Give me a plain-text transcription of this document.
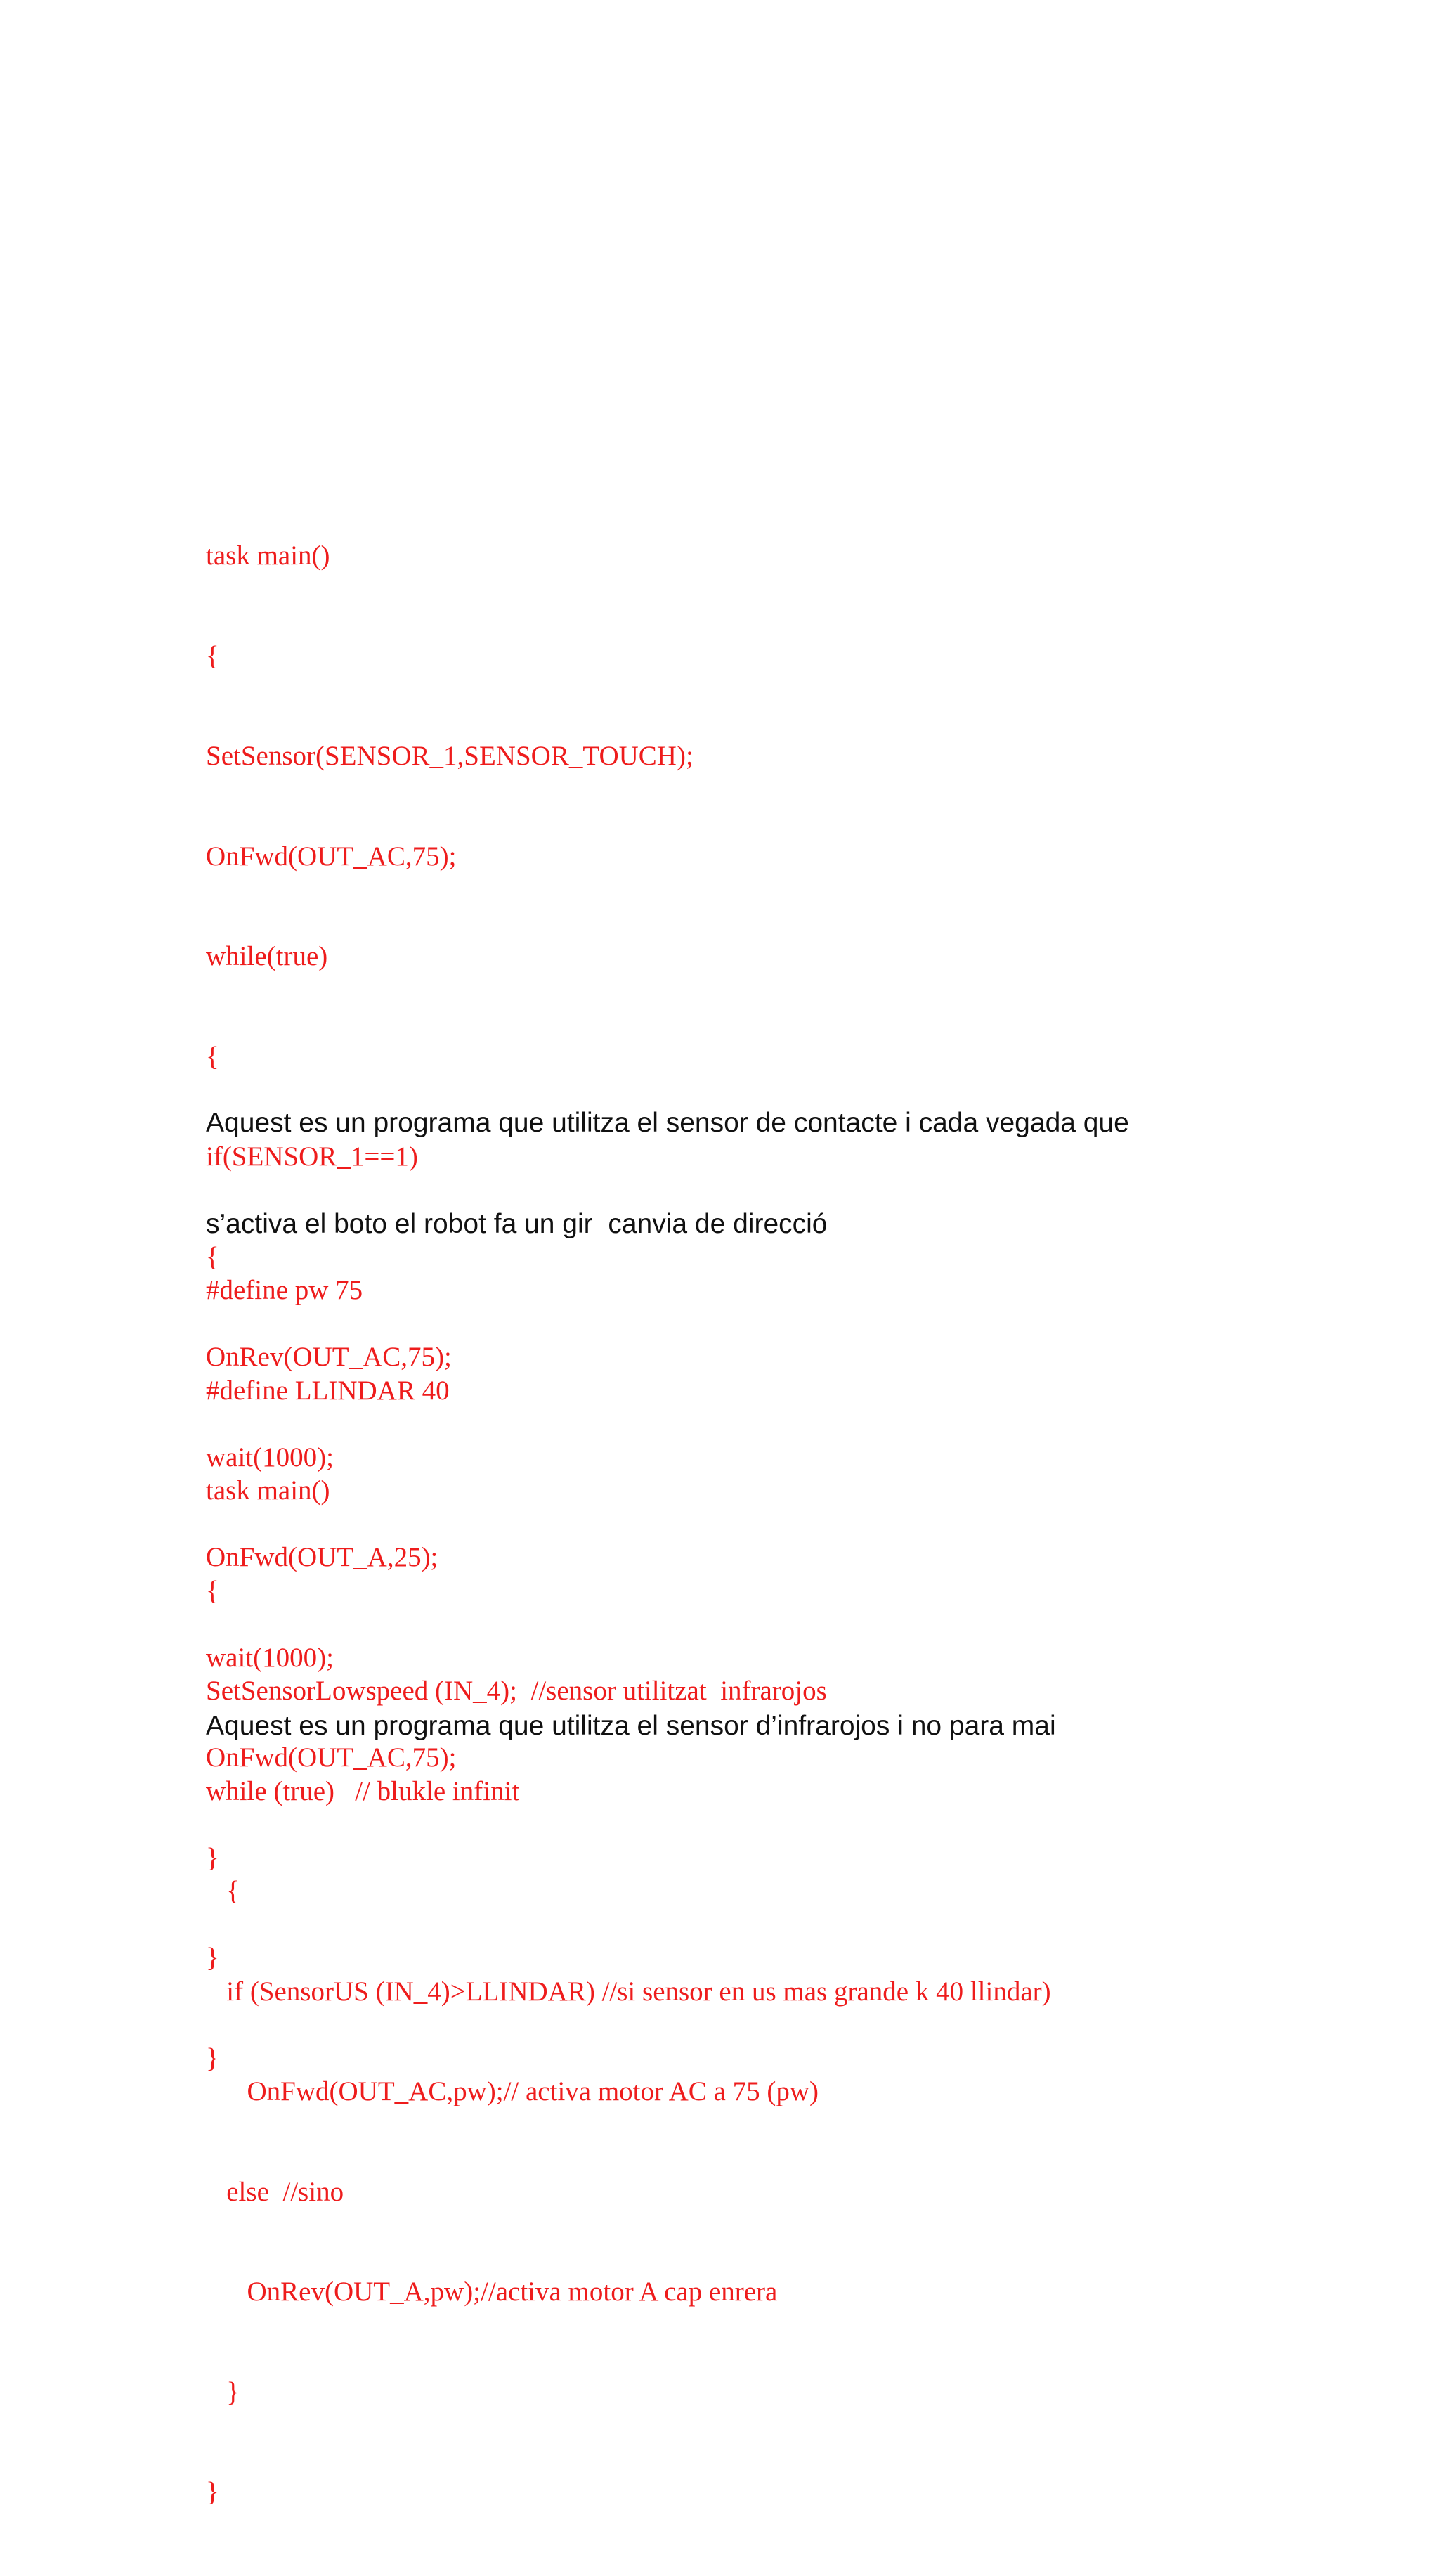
task main()

{

SetSensor(SENSOR_1,SENSOR_TOUCH);

OnFwd(OUT_AC,75);

while(true)

{

if(SENSOR_1==1)

{

OnRev(OUT_AC,75);

wait(1000);

OnFwd(OUT_A,25);

wait(1000);

OnFwd(OUT_AC,75);

}

}

}

Aquest es un programa que utilitza el sensor de contacte i cada vegada que

s’activa el boto el robot fa un gir  canvia de direcció

#define pw 75

#define LLINDAR 40

task main()

{

SetSensorLowspeed (IN_4);  //sensor utilitzat  infrarojos

while (true)   // blukle infinit

{

if (SensorUS (IN_4)>LLINDAR) //si sensor en us mas grande k 40 llindar)

OnFwd(OUT_AC,pw);// activa motor AC a 75 (pw)

else  //sino

OnRev(OUT_A,pw);//activa motor A cap enrera

}

}

Aquest es un programa que utilitza el sensor d’infrarojos i no para mai
